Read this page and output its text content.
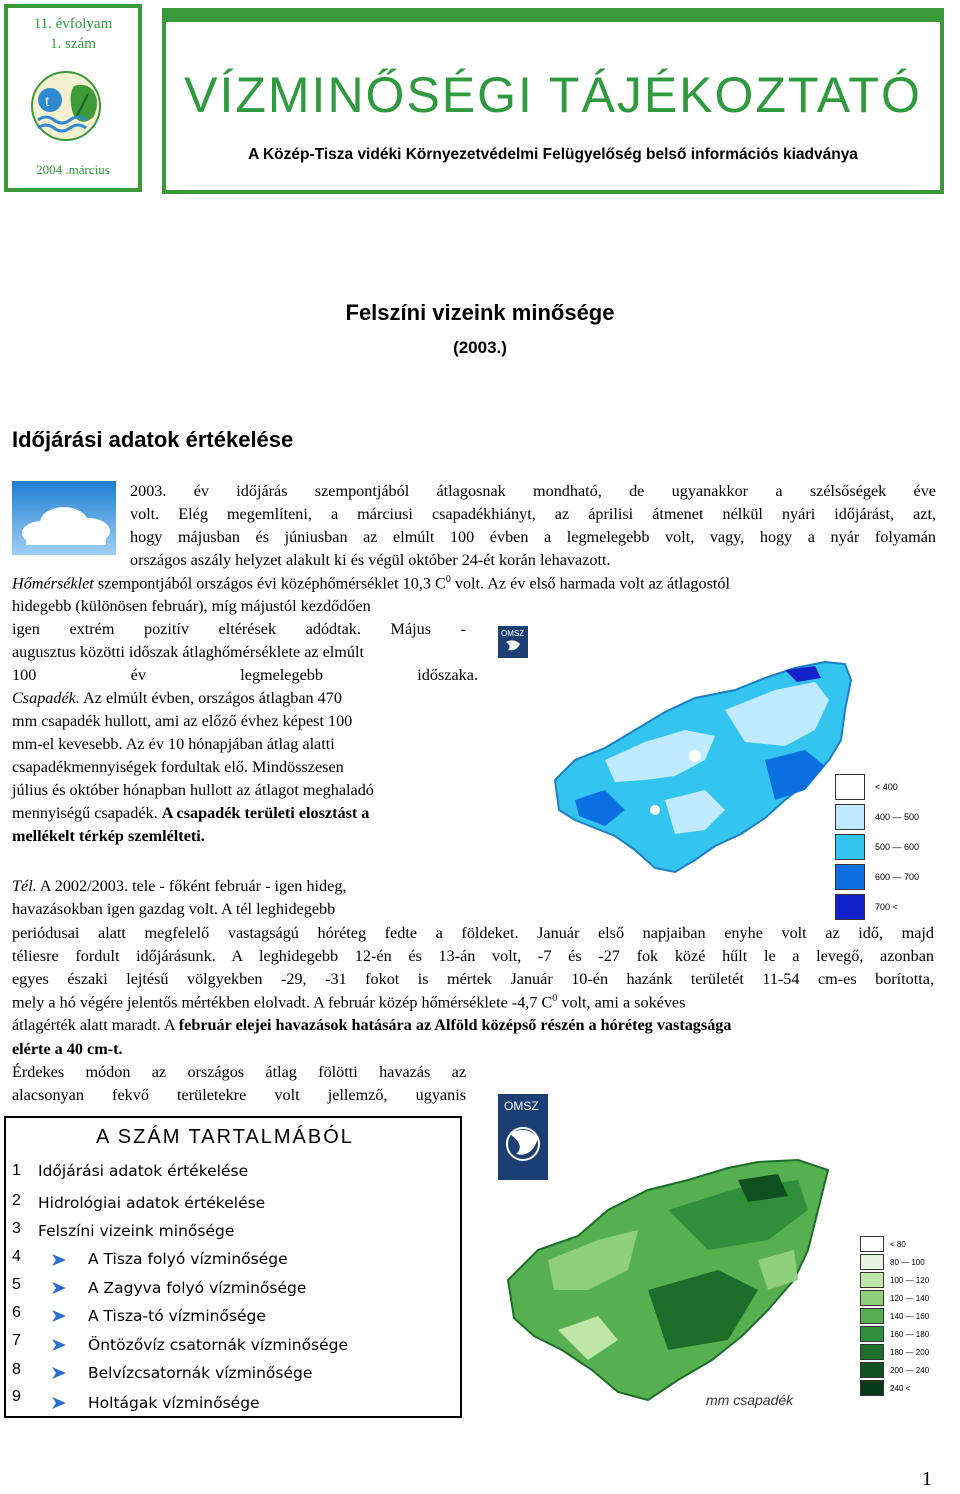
11. évfolyam
1. szám
t
2004 .március
VÍZMINŐSÉGI TÁJÉKOZTATÓ
A Közép-Tisza vidéki Környezetvédelmi Felügyelőség belső információs kiadványa
Felszíni vizeink minősége
(2003.)
Időjárási adatok értékelése
2003. év időjárás szempontjából átlagosnak mondható, de ugyanakkor a szélsőségek éve
volt. Elég megemlíteni, a márciusi csapadékhiányt, az áprilisi átmenet nélkül nyári időjárást, azt,
hogy májusban és júniusban az elmúlt 100 évben a legmelegebb volt, vagy, hogy a nyár folyamán
országos aszály helyzet alakult ki és végül október 24-ét korán lehavazott.
Hőmérséklet szempontjából országos évi középhőmérséklet 10,3 $C^0$ volt. Az év első harmada volt az átlagostól
hidegebb (különösen február), míg májustól kezdődően
igen extrém pozitív eltérések adódtak. Május -
augusztus közötti időszak átlaghőmérséklete az elmúlt
100 év legmelegebb időszaka.
Csapadék. Az elmúlt évben, országos átlagban 470
mm csapadék hullott, ami az előző évhez képest 100
mm-el kevesebb. Az év 10 hónapjában átlag alatti
csapadékmennyiségek fordultak elő. Mindösszesen
július és október hónapban hullott az átlagot meghaladó
mennyiségű csapadék. A csapadék területi elosztást a
mellékelt térkép szemlélteti.
OMSZ
< 400
400 — 500
500 — 600
600 — 700
700 <
Tél. A 2002/2003. tele - főként február - igen hideg,
havazásokban igen gazdag volt. A tél leghidegebb
periódusai alatt megfelelő vastagságú hóréteg fedte a földeket. Január első napjaiban enyhe volt az idő, majd
téliesre fordult időjárásunk. A leghidegebb 12-én és 13-án volt, -7 és -27 fok közé hűlt le a levegő, azonban
egyes északi lejtésű völgyekben -29, -31 fokot is mértek Január 10-én hazánk területét 11-54 cm-es borította,
mely a hó végére jelentős mértékben elolvadt. A február közép hőmérséklete -4,7 $C^0$ volt, ami a sokéves
átlagérték alatt maradt. A február elejei havazások hatására az Alföld középső részén a hóréteg vastagsága
elérte a 40 cm-t.
Érdekes módon az országos átlag fölötti havazás az
alacsonyan fekvő területekre volt jellemző, ugyanis
OMSZ
< 80
80 — 100
100 — 120
120 — 140
140 — 160
160 — 180
180 — 200
200 — 240
240 <
mm csapadék
A SZÁM TARTALMÁBÓL
1 Időjárási adatok értékelése
2 Hidrológiai adatok értékelése
3 Felszíni vizeink minősége
4	A Tisza folyó vízminősége
5	A Zagyva folyó vízminősége
6	A Tisza-tó vízminősége
7	Öntözővíz csatornák vízminősége
8	Belvízcsatornák vízminősége
9	Holtágak vízminősége
1
